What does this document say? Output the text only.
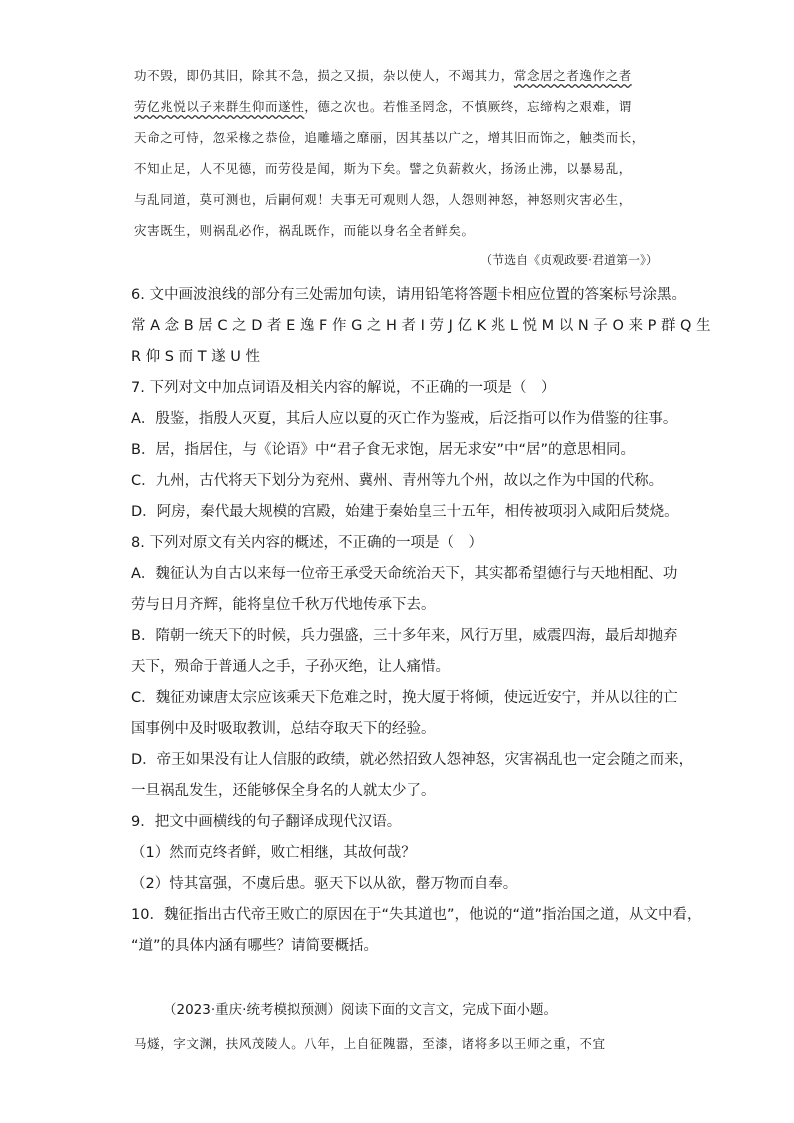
功不毁，即仍其旧，除其不急，损之又损，杂以使人，不竭其力，常念居之者逸作之者

劳亿兆悦以子来群生仰而遂性，德之次也。若惟圣罔念，不慎厥终，忘缔构之艰难，谓

天命之可恃，忽采椽之恭俭，追雕墙之靡丽，因其基以广之，增其旧而饰之，触类而长，

不知止足，人不见德，而劳役是闻，斯为下矣。譬之负薪救火，扬汤止沸，以暴易乱，

与乱同道，莫可测也，后嗣何观！夫事无可观则人怨，人怨则神怒，神怒则灾害必生，

灾害既生，则祸乱必作，祸乱既作，而能以身名全者鲜矣。

（节选自《贞观政要·君道第一》）
6. 文中画波浪线的部分有三处需加句读，请用铅笔将答题卡相应位置的答案标号涂黑。
常 A 念 B 居 C 之 D 者 E 逸 F 作 G 之 H 者 I 劳 J 亿 K 兆 L 悦 M 以 N 子 O 来 P 群 Q 生
R 仰 S 而 T 遂 U 性
7. 下列对文中加点词语及相关内容的解说，不正确的一项是（　）
A．殷鉴，指殷人灭夏，其后人应以夏的灭亡作为鉴戒，后泛指可以作为借鉴的往事。
B．居，指居住，与《论语》中“君子食无求饱，居无求安”中“居”的意思相同。
C．九州，古代将天下划分为兖州、冀州、青州等九个州，故以之作为中国的代称。
D．阿房，秦代最大规模的宫殿，始建于秦始皇三十五年，相传被项羽入咸阳后焚烧。
8. 下列对原文有关内容的概述，不正确的一项是（　）
A．魏征认为自古以来每一位帝王承受天命统治天下，其实都希望德行与天地相配、功
劳与日月齐辉，能将皇位千秋万代地传承下去。
B．隋朝一统天下的时候，兵力强盛，三十多年来，风行万里，威震四海，最后却抛弃
天下，殒命于普通人之手，子孙灭绝，让人痛惜。
C．魏征劝谏唐太宗应该乘天下危难之时，挽大厦于将倾，使远近安宁，并从以往的亡
国事例中及时吸取教训，总结夺取天下的经验。
D．帝王如果没有让人信服的政绩，就必然招致人怨神怒，灾害祸乱也一定会随之而来，
一旦祸乱发生，还能够保全身名的人就太少了。
9．把文中画横线的句子翻译成现代汉语。
（1）然而克终者鲜，败亡相继，其故何哉？
（2）恃其富强，不虞后患。驱天下以从欲，罄万物而自奉。
10．魏征指出古代帝王败亡的原因在于“失其道也”，他说的“道”指治国之道，从文中看，
“道”的具体内涵有哪些？请简要概括。
（2023·重庆·统考模拟预测）阅读下面的文言文，完成下面小题。
马燧，字文渊，扶风茂陵人。八年，上自征隗嚣，至漆，诸将多以王师之重，不宜
